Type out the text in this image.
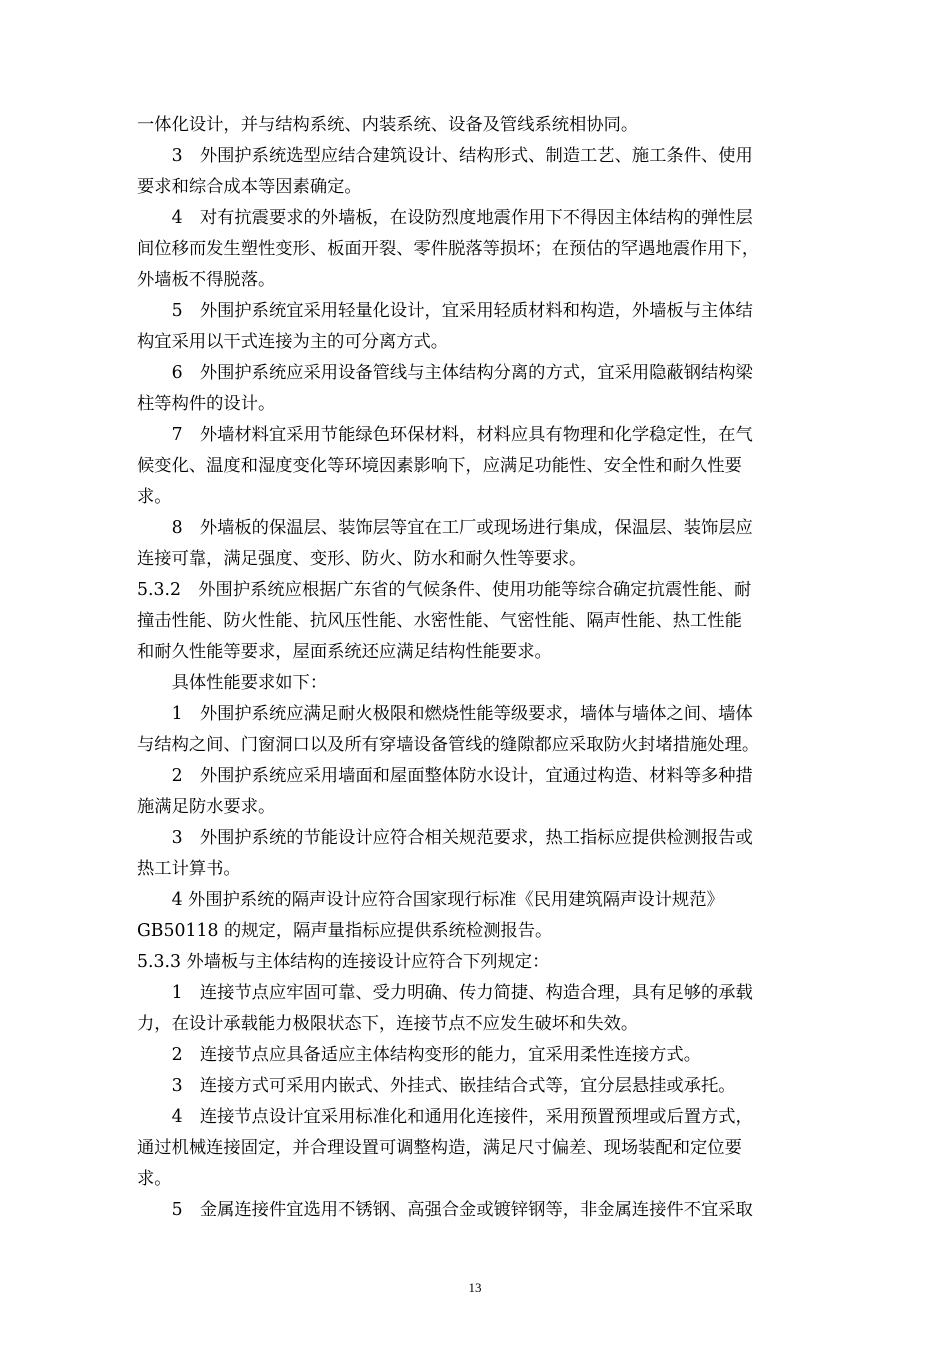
一体化设计，并与结构系统、内装系统、设备及管线系统相协同。
　　3　外围护系统选型应结合建筑设计、结构形式、制造工艺、施工条件、使用
要求和综合成本等因素确定。
　　4　对有抗震要求的外墙板，在设防烈度地震作用下不得因主体结构的弹性层
间位移而发生塑性变形、板面开裂、零件脱落等损坏；在预估的罕遇地震作用下，
外墙板不得脱落。
　　5　外围护系统宜采用轻量化设计，宜采用轻质材料和构造，外墙板与主体结
构宜采用以干式连接为主的可分离方式。
　　6　外围护系统应采用设备管线与主体结构分离的方式，宜采用隐蔽钢结构梁
柱等构件的设计。
　　7　外墙材料宜采用节能绿色环保材料，材料应具有物理和化学稳定性，在气
候变化、温度和湿度变化等环境因素影响下，应满足功能性、安全性和耐久性要
求。
　　8　外墙板的保温层、装饰层等宜在工厂或现场进行集成，保温层、装饰层应
连接可靠，满足强度、变形、防火、防水和耐久性等要求。
5.3.2　外围护系统应根据广东省的气候条件、使用功能等综合确定抗震性能、耐
撞击性能、防火性能、抗风压性能、水密性能、气密性能、隔声性能、热工性能
和耐久性能等要求，屋面系统还应满足结构性能要求。
　　具体性能要求如下：
　　1　外围护系统应满足耐火极限和燃烧性能等级要求，墙体与墙体之间、墙体
与结构之间、门窗洞口以及所有穿墙设备管线的缝隙都应采取防火封堵措施处理。
　　2　外围护系统应采用墙面和屋面整体防水设计，宜通过构造、材料等多种措
施满足防水要求。
　　3　外围护系统的节能设计应符合相关规范要求，热工指标应提供检测报告或
热工计算书。
　　4 外围护系统的隔声设计应符合国家现行标准《民用建筑隔声设计规范》
GB50118 的规定，隔声量指标应提供系统检测报告。
5.3.3 外墙板与主体结构的连接设计应符合下列规定：
　　1　连接节点应牢固可靠、受力明确、传力简捷、构造合理，具有足够的承载
力，在设计承载能力极限状态下，连接节点不应发生破坏和失效。
　　2　连接节点应具备适应主体结构变形的能力，宜采用柔性连接方式。
　　3　连接方式可采用内嵌式、外挂式、嵌挂结合式等，宜分层悬挂或承托。
　　4　连接节点设计宜采用标准化和通用化连接件，采用预置预埋或后置方式，
通过机械连接固定，并合理设置可调整构造，满足尺寸偏差、现场装配和定位要
求。
　　5　金属连接件宜选用不锈钢、高强合金或镀锌钢等，非金属连接件不宜采取
13
